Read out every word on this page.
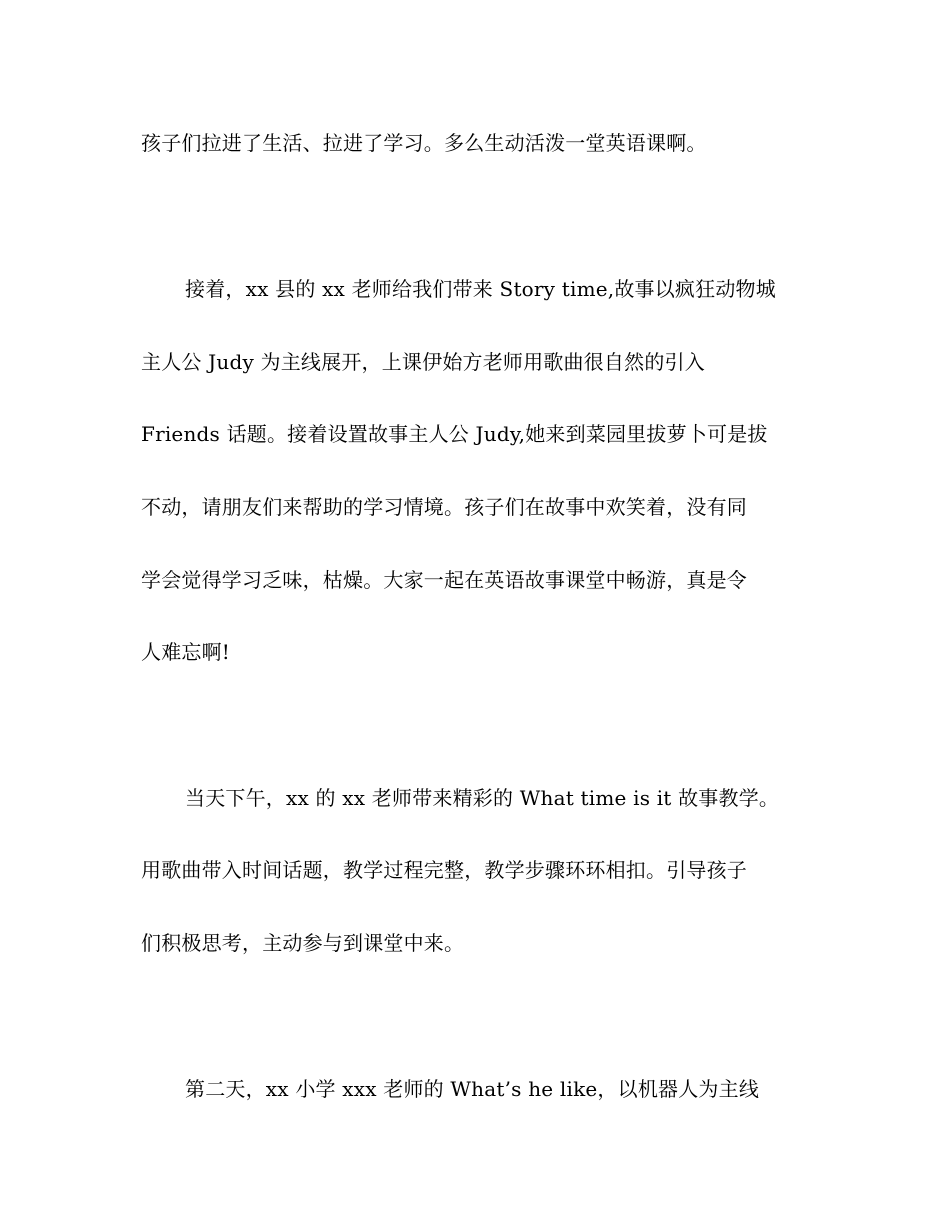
孩子们拉进了生活、拉进了学习。多么生动活泼一堂英语课啊。
接着，xx 县的 xx 老师给我们带来 Story time,故事以疯狂动物城
主人公 Judy 为主线展开，上课伊始方老师用歌曲很自然的引入
Friends 话题。接着设置故事主人公 Judy,她来到菜园里拔萝卜可是拔
不动，请朋友们来帮助的学习情境。孩子们在故事中欢笑着，没有同
学会觉得学习乏味，枯燥。大家一起在英语故事课堂中畅游，真是令
人难忘啊!
当天下午，xx 的 xx 老师带来精彩的 What time is it 故事教学。
用歌曲带入时间话题，教学过程完整，教学步骤环环相扣。引导孩子
们积极思考，主动参与到课堂中来。
第二天，xx 小学 xxx 老师的 What’s he like，以机器人为主线
